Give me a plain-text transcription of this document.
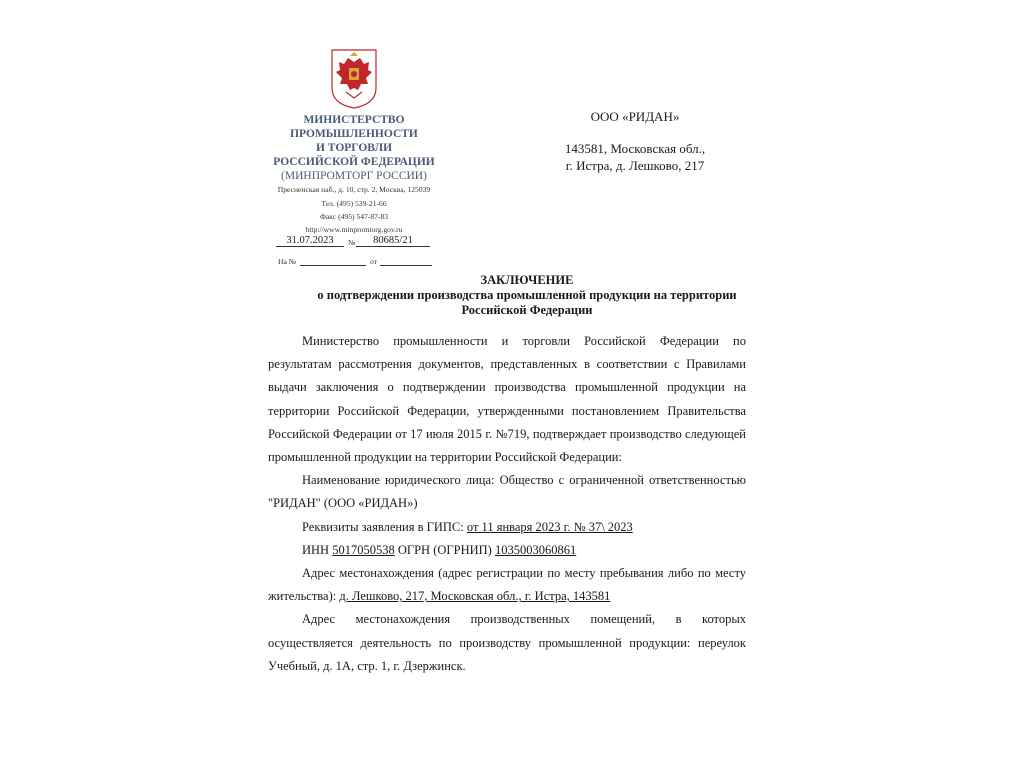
МИНИСТЕРСТВО
ПРОМЫШЛЕННОСТИ
И ТОРГОВЛИ
РОССИЙСКОЙ ФЕДЕРАЦИИ
(МИНПРОМТОРГ РОССИИ)
Пресненская наб., д. 10, стр. 2, Москва, 125039
Тел. (495) 539-21-66
Факс (495) 547-87-83
http://www.minpromtorg.gov.ru
31.07.2023	№	80685/21
На №	от
ООО «РИДАН»
143581, Московская обл.,
г. Истра, д. Лешково, 217
ЗАКЛЮЧЕНИЕ
о подтверждении производства промышленной продукции на территории
Российской Федерации

Министерство промышленности и торговли Российской Федерации по результатам рассмотрения документов, представленных в соответствии с Правилами выдачи заключения о подтверждении производства промышленной продукции на территории Российской Федерации, утвержденными постановлением Правительства Российской Федерации от 17 июля 2015 г. №719, подтверждает производство следующей промышленной продукции на территории Российской Федерации:

Наименование юридического лица: Общество с ограниченной ответственностью "РИДАН" (ООО «РИДАН»)

Реквизиты заявления в ГИПС: от 11 января 2023 г. № 37\ 2023

ИНН 5017050538 ОГРН (ОГРНИП) 1035003060861

Адрес местонахождения (адрес регистрации по месту пребывания либо по месту жительства): д. Лешково, 217, Московская обл., г. Истра, 143581

Адрес местонахождения производственных помещений, в которых осуществляется деятельность по производству промышленной продукции: переулок Учебный, д. 1А, стр. 1, г. Дзержинск.
